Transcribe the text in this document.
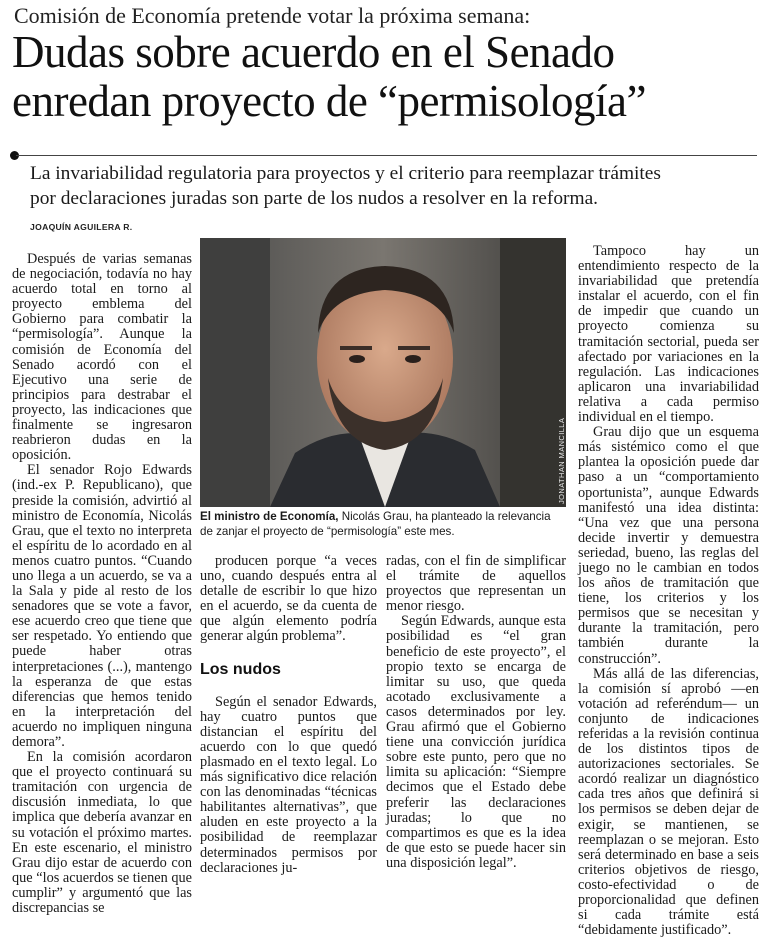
Comisión de Economía pretende votar la próxima semana:
Dudas sobre acuerdo en el Senado
enredan proyecto de “permisología”
La invariabilidad regulatoria para proyectos y el criterio para reemplazar trámites
por declaraciones juradas son parte de los nudos a resolver en la reforma.
JOAQUÍN AGUILERA R.

Después de varias semanas de negociación, todavía no hay acuerdo total en torno al proyecto emblema del Gobierno para combatir la “permisología”. Aunque la comisión de Economía del Senado acordó con el Ejecutivo una serie de principios para destrabar el proyecto, las indicaciones que finalmente se ingresaron reabrieron dudas en la oposición.

El senador Rojo Edwards (ind.-ex P. Republicano), que preside la comisión, advirtió al ministro de Economía, Nicolás Grau, que el texto no interpreta el espíritu de lo acordado en al menos cuatro puntos. “Cuando uno llega a un acuerdo, se va a la Sala y pide al resto de los senadores que se vote a favor, ese acuerdo creo que tiene que ser respetado. Yo entiendo que puede haber otras interpretaciones (...), mantengo la esperanza de que estas diferencias que hemos tenido en la interpretación del acuerdo no impliquen ninguna demora”.

En la comisión acordaron que el proyecto continuará su tramitación con urgencia de discusión inmediata, lo que implica que debería avanzar en su votación el próximo martes. En este escenario, el ministro Grau dijo estar de acuerdo con que “los acuerdos se tienen que cumplir” y argumentó que las discrepancias se

JONATHAN MANCILLA
El ministro de Economía, Nicolás Grau, ha planteado la relevancia de zanjar el proyecto de “permisología” este mes.

producen porque “a veces uno, cuando después entra al detalle de escribir lo que hizo en el acuerdo, se da cuenta de que algún elemento podría generar algún problema”.

Los nudos

Según el senador Edwards, hay cuatro puntos que distancian el espíritu del acuerdo con lo que quedó plasmado en el texto legal. Lo más significativo dice relación con las denominadas “técnicas habilitantes alternativas”, que aluden en este proyecto a la posibilidad de reemplazar determinados permisos por declaraciones ju-

radas, con el fin de simplificar el trámite de aquellos proyectos que representan un menor riesgo.

Según Edwards, aunque esta posibilidad es “el gran beneficio de este proyecto”, el propio texto se encarga de limitar su uso, que queda acotado exclusivamente a casos determinados por ley. Grau afirmó que el Gobierno tiene una convicción jurídica sobre este punto, pero que no limita su aplicación: “Siempre decimos que el Estado debe preferir las declaraciones juradas; lo que no compartimos es que es la idea de que esto se puede hacer sin una disposición legal”.

Tampoco hay un entendimiento respecto de la invariabilidad que pretendía instalar el acuerdo, con el fin de impedir que cuando un proyecto comienza su tramitación sectorial, pueda ser afectado por variaciones en la regulación. Las indicaciones aplicaron una invariabilidad relativa a cada permiso individual en el tiempo.

Grau dijo que un esquema más sistémico como el que plantea la oposición puede dar paso a un “comportamiento oportunista”, aunque Edwards manifestó una idea distinta: “Una vez que una persona decide invertir y demuestra seriedad, bueno, las reglas del juego no le cambian en todos los años de tramitación que tiene, los criterios y los permisos que se necesitan y durante la tramitación, pero también durante la construcción”.

Más allá de las diferencias, la comisión sí aprobó —en votación ad referéndum— un conjunto de indicaciones referidas a la revisión continua de los distintos tipos de autorizaciones sectoriales. Se acordó realizar un diagnóstico cada tres años que definirá si los permisos se deben dejar de exigir, se mantienen, se reemplazan o se mejoran. Esto será determinado en base a seis criterios objetivos de riesgo, costo-efectividad o de proporcionalidad que definen si cada trámite está “debidamente justificado”.
